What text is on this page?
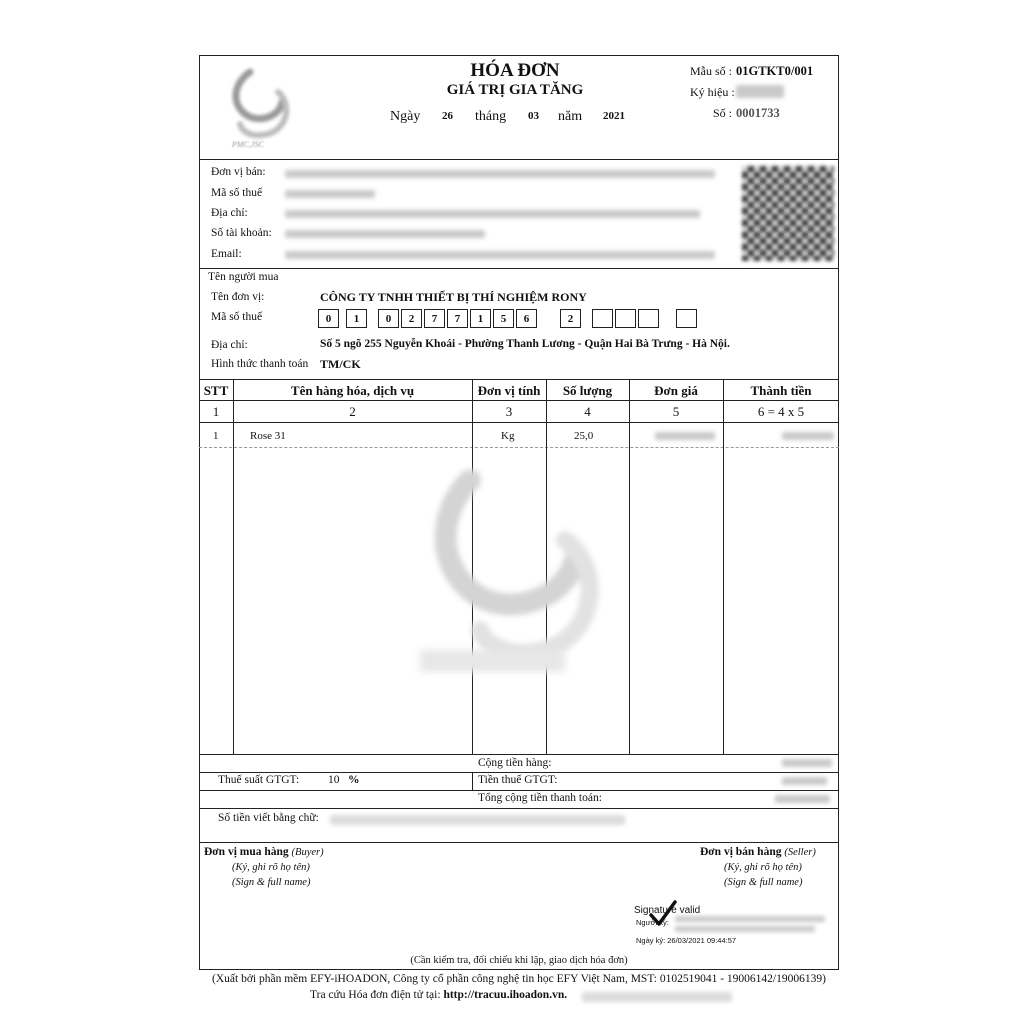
PMC,JSC
HÓA ĐƠN
GIÁ TRỊ GIA TĂNG
Ngày 26 tháng 03 năm 2021
Mẫu số : 01GTKT0/001
Ký hiệu :
Số : 0001733
Đơn vị bán:
Mã số thuế
Địa chỉ:
Số tài khoản:
Email:
Tên người mua
Tên đơn vị:	CÔNG TY TNHH THIẾT BỊ THÍ NGHIỆM RONY
Mã số thuế	0	1	0	2	7	7	1	5	6	2
Địa chỉ:	Số 5 ngõ 255 Nguyễn Khoái - Phường Thanh Lương - Quận Hai Bà Trưng - Hà Nội.
Hình thức thanh toán TM/CK
STT	Tên hàng hóa, dịch vụ	Đơn vị tính	Số lượng	Đơn giá	Thành tiền
1	2	3	4	5	6 = 4 x 5
1	Rose 31	Kg	25,0
Cộng tiền hàng:
Thuế suất GTGT:	10 %	Tiền thuế GTGT:
Tổng cộng tiền thanh toán:
Số tiền viết bằng chữ:
Đơn vị mua hàng (Buyer)
(Ký, ghi rõ họ tên)
(Sign & full name)
Đơn vị bán hàng (Seller)
(Ký, ghi rõ họ tên)
(Sign & full name)
Signature valid
Người ký:
Ngày ký: 26/03/2021 09:44:57
(Cần kiểm tra, đối chiếu khi lập, giao dịch hóa đơn)
(Xuất bởi phần mềm EFY-iHOADON, Công ty cổ phần công nghệ tin học EFY Việt Nam, MST: 0102519041 - 19006142/19006139)
Tra cứu Hóa đơn điện tử tại: http://tracuu.ihoadon.vn.
